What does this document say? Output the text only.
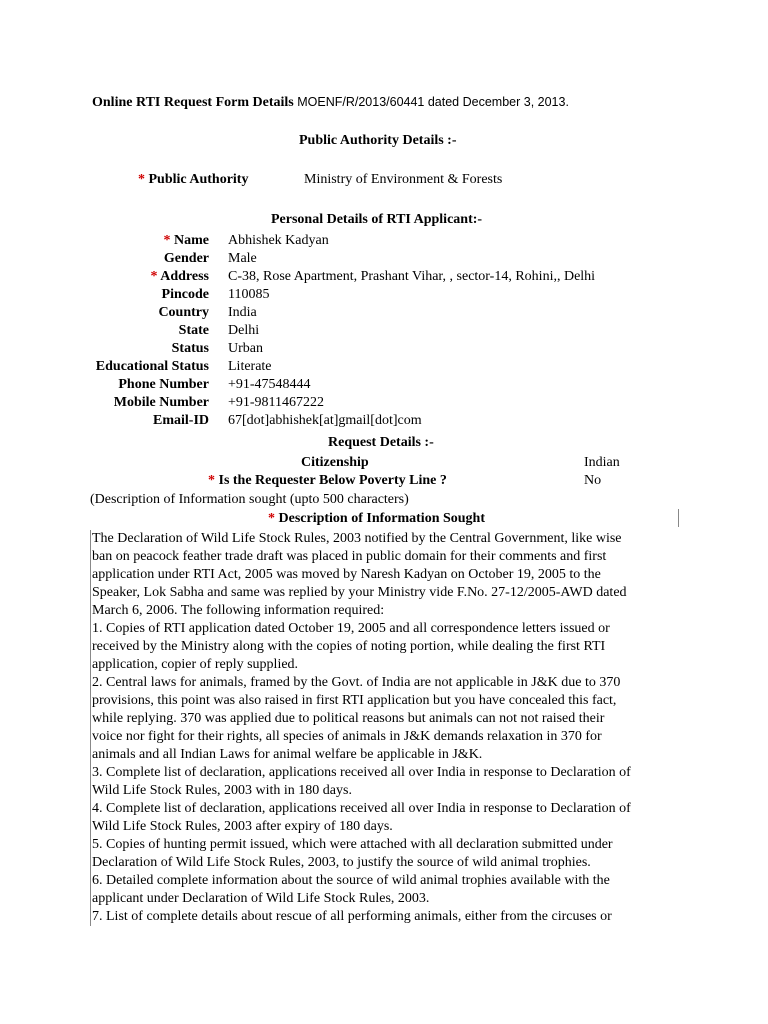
Online RTI Request Form Details MOENF/R/2013/60441 dated December 3, 2013.
Public Authority Details :-
* Public Authority	Ministry of Environment & Forests
Personal Details of RTI Applicant:-
* Name Abhishek Kadyan
Gender Male
* Address C-38, Rose Apartment, Prashant Vihar, , sector-14, Rohini,, Delhi
Pincode 110085
Country India
State Delhi
Status Urban
Educational Status Literate
Phone Number +91-47548444
Mobile Number +91-9811467222
Email-ID 67[dot]abhishek[at]gmail[dot]com
Request Details :-
Citizenship	Indian
* Is the Requester Below Poverty Line ?	No
(Description of Information sought (upto 500 characters)
* Description of Information Sought

The Declaration of Wild Life Stock Rules, 2003 notified by the Central Government, like wise

ban on peacock feather trade draft was placed in public domain for their comments and first

application under RTI Act, 2005 was moved by Naresh Kadyan on October 19, 2005 to the

Speaker, Lok Sabha and same was replied by your Ministry vide F.No. 27-12/2005-AWD dated

March 6, 2006. The following information required:

1. Copies of RTI application dated October 19, 2005 and all correspondence letters issued or

received by the Ministry along with the copies of noting portion, while dealing the first RTI

application, copier of reply supplied.

2. Central laws for animals, framed by the Govt. of India are not applicable in J&K due to 370

provisions, this point was also raised in first RTI application but you have concealed this fact,

while replying. 370 was applied due to political reasons but animals can not not raised their

voice nor fight for their rights, all species of animals in J&K demands relaxation in 370 for

animals and all Indian Laws for animal welfare be applicable in J&K.

3. Complete list of declaration, applications received all over India in response to Declaration of

Wild Life Stock Rules, 2003 with in 180 days.

4. Complete list of declaration, applications received all over India in response to Declaration of

Wild Life Stock Rules, 2003 after expiry of 180 days.

5. Copies of hunting permit issued, which were attached with all declaration submitted under

Declaration of Wild Life Stock Rules, 2003, to justify the source of wild animal trophies.

6. Detailed complete information about the source of wild animal trophies available with the

applicant under Declaration of Wild Life Stock Rules, 2003.

7. List of complete details about rescue of all performing animals, either from the circuses or
